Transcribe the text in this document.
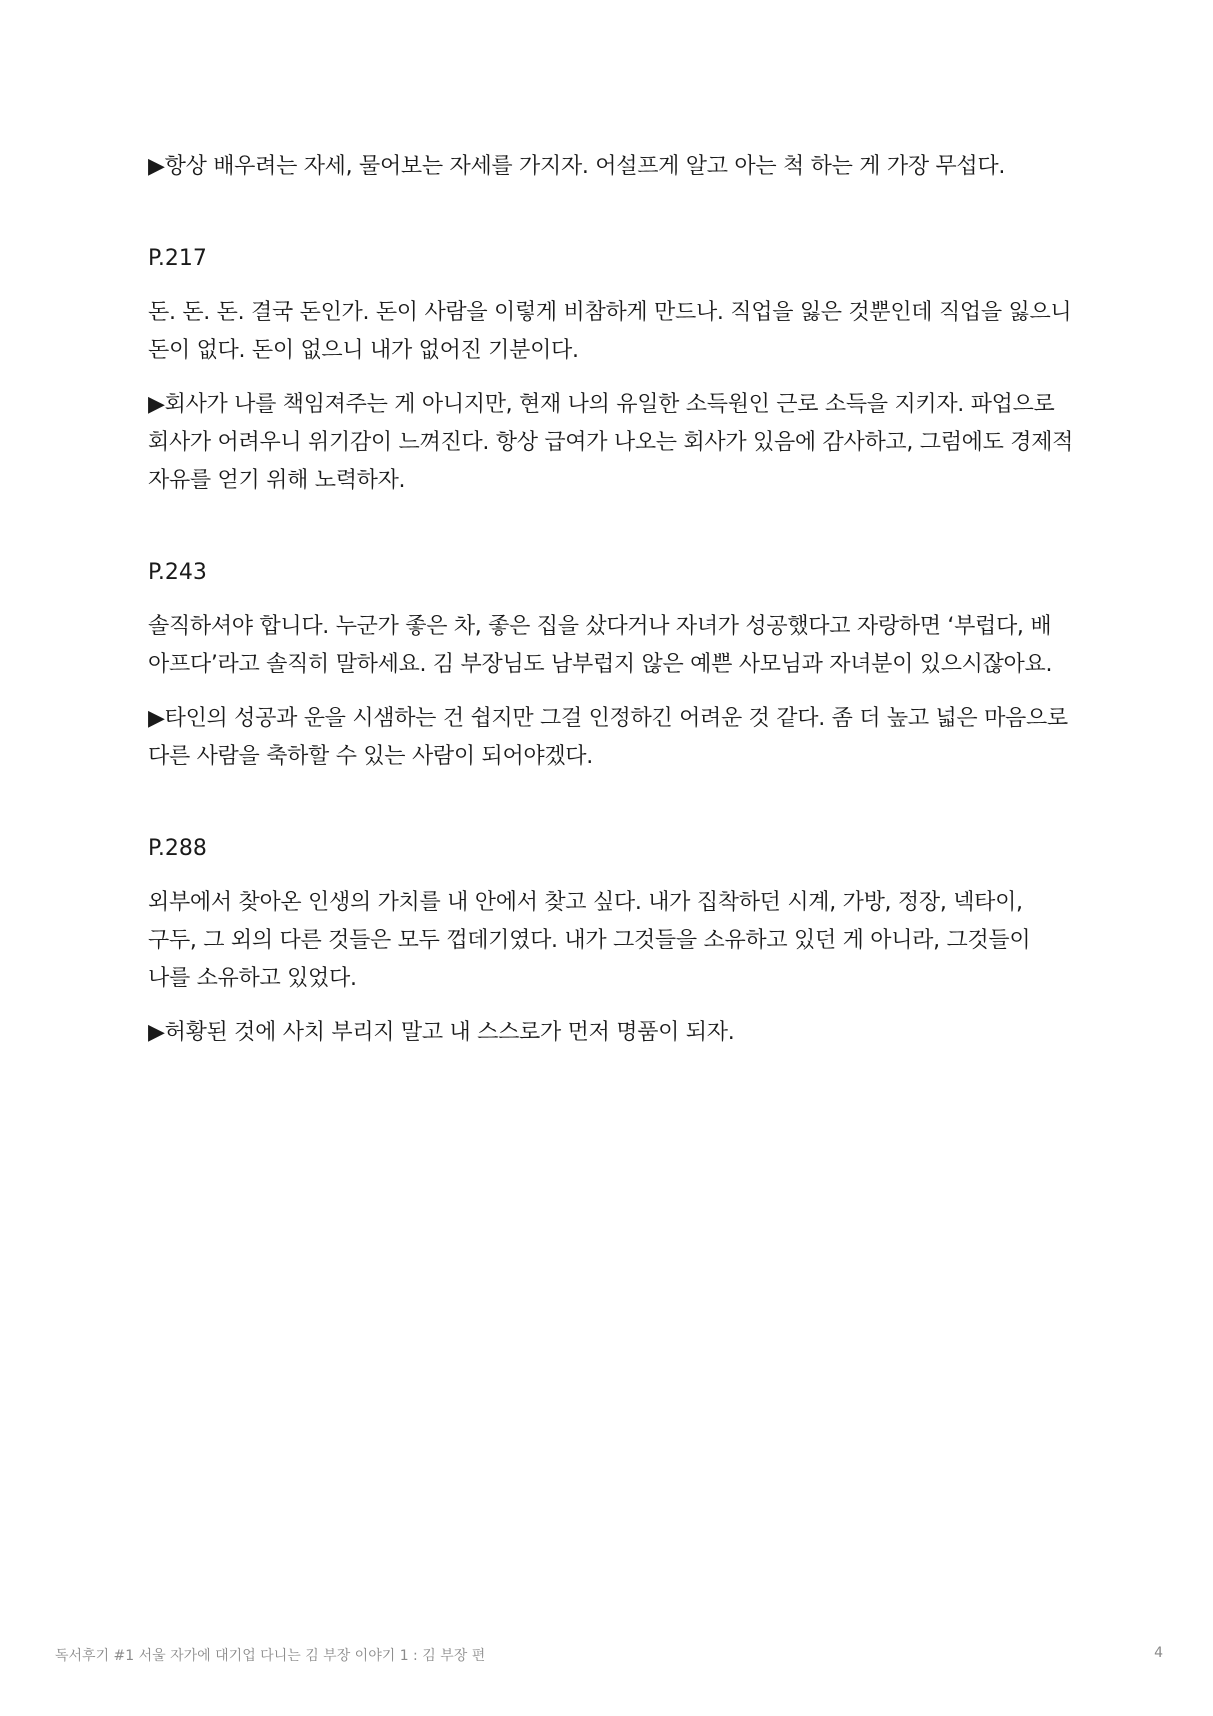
▶항상 배우려는 자세, 물어보는 자세를 가지자. 어설프게 알고 아는 척 하는 게 가장 무섭다.

P.217

돈. 돈. 돈. 결국 돈인가. 돈이 사람을 이렇게 비참하게 만드나. 직업을 잃은 것뿐인데 직업을 잃으니 돈이 없다. 돈이 없으니 내가 없어진 기분이다.

▶회사가 나를 책임져주는 게 아니지만, 현재 나의 유일한 소득원인 근로 소득을 지키자. 파업으로 회사가 어려우니 위기감이 느껴진다. 항상 급여가 나오는 회사가 있음에 감사하고, 그럼에도 경제적 자유를 얻기 위해 노력하자.

P.243

솔직하셔야 합니다. 누군가 좋은 차, 좋은 집을 샀다거나 자녀가 성공했다고 자랑하면 ‘부럽다, 배 아프다’라고 솔직히 말하세요. 김 부장님도 남부럽지 않은 예쁜 사모님과 자녀분이 있으시잖아요.

▶타인의 성공과 운을 시샘하는 건 쉽지만 그걸 인정하긴 어려운 것 같다. 좀 더 높고 넓은 마음으로 다른 사람을 축하할 수 있는 사람이 되어야겠다.

P.288

외부에서 찾아온 인생의 가치를 내 안에서 찾고 싶다. 내가 집착하던 시계, 가방, 정장, 넥타이, 구두, 그 외의 다른 것들은 모두 껍데기였다. 내가 그것들을 소유하고 있던 게 아니라, 그것들이 나를 소유하고 있었다.

▶허황된 것에 사치 부리지 말고 내 스스로가 먼저 명품이 되자.

독서후기 #1 서울 자가에 대기업 다니는 김 부장 이야기 1 : 김 부장 편	4
